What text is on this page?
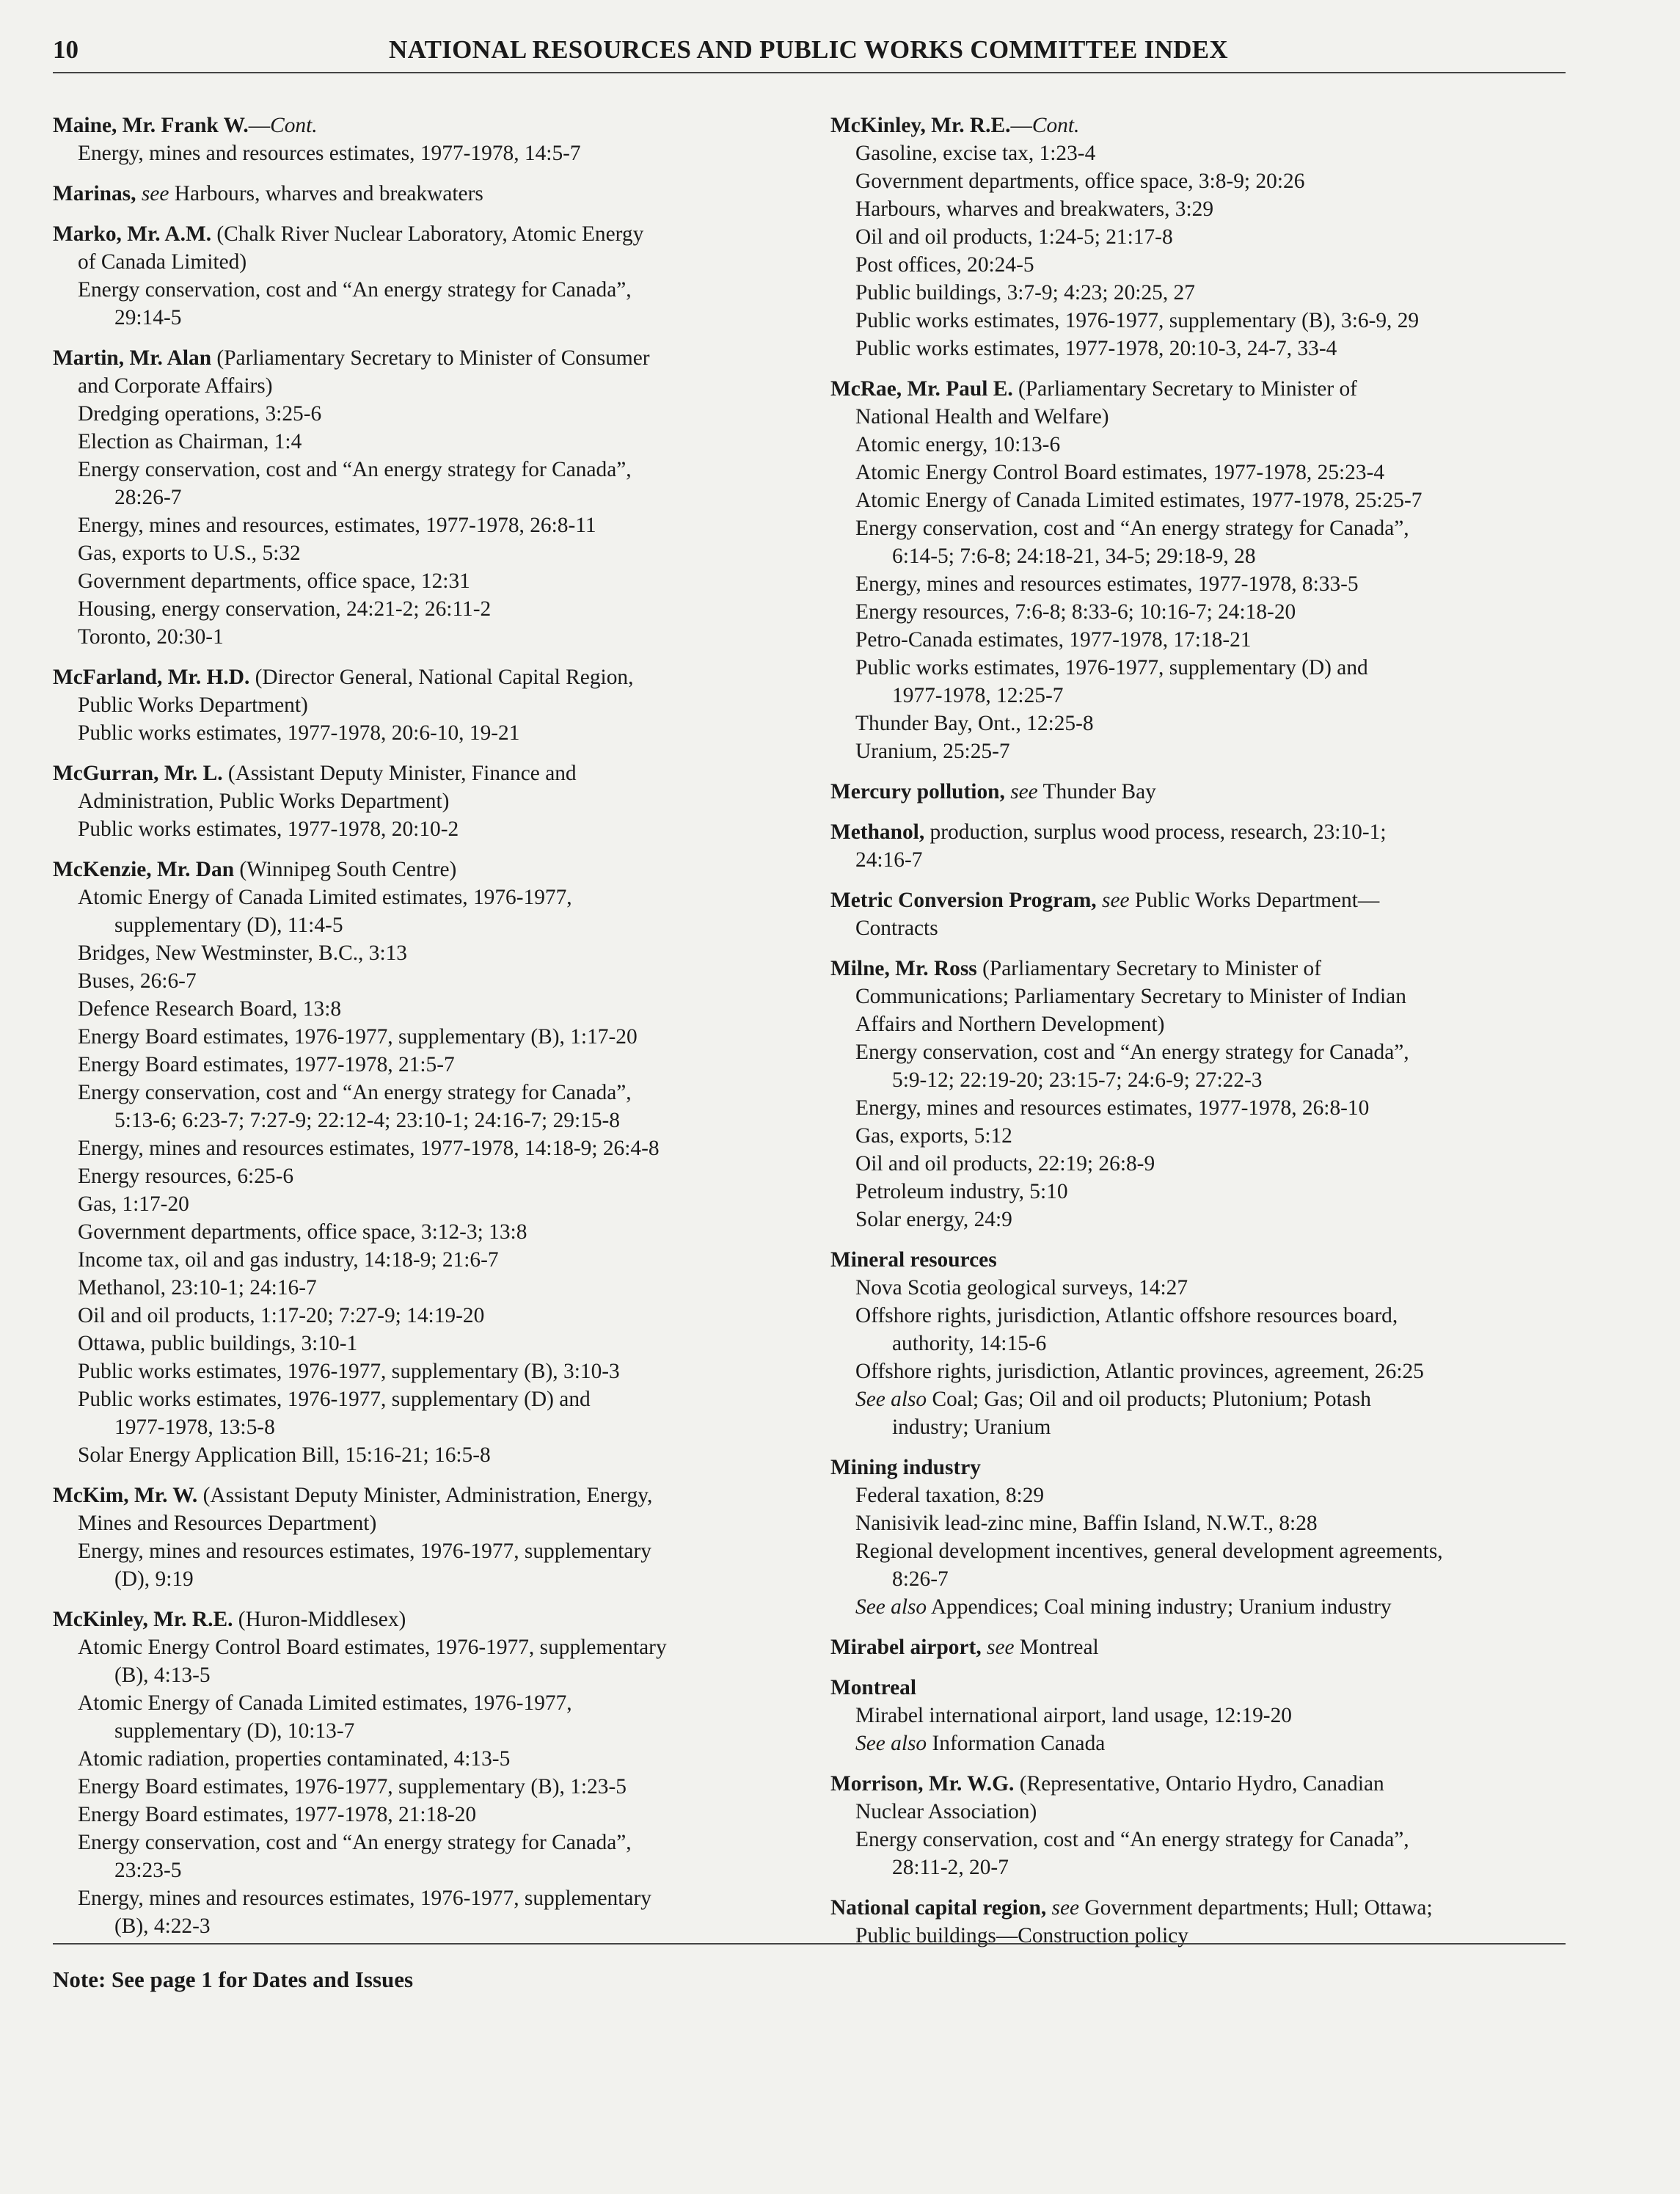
10	NATIONAL RESOURCES AND PUBLIC WORKS COMMITTEE INDEX
Maine, Mr. Frank W.—Cont.
Energy, mines and resources estimates, 1977-1978, 14:5-7
Marinas, see Harbours, wharves and breakwaters
Marko, Mr. A.M. (Chalk River Nuclear Laboratory, Atomic Energy
of Canada Limited)
Energy conservation, cost and “An energy strategy for Canada”,
29:14-5
Martin, Mr. Alan (Parliamentary Secretary to Minister of Consumer
and Corporate Affairs)
Dredging operations, 3:25-6
Election as Chairman, 1:4
Energy conservation, cost and “An energy strategy for Canada”,
28:26-7
Energy, mines and resources, estimates, 1977-1978, 26:8-11
Gas, exports to U.S., 5:32
Government departments, office space, 12:31
Housing, energy conservation, 24:21-2; 26:11-2
Toronto, 20:30-1
McFarland, Mr. H.D. (Director General, National Capital Region,
Public Works Department)
Public works estimates, 1977-1978, 20:6-10, 19-21
McGurran, Mr. L. (Assistant Deputy Minister, Finance and
Administration, Public Works Department)
Public works estimates, 1977-1978, 20:10-2
McKenzie, Mr. Dan (Winnipeg South Centre)
Atomic Energy of Canada Limited estimates, 1976-1977,
supplementary (D), 11:4-5
Bridges, New Westminster, B.C., 3:13
Buses, 26:6-7
Defence Research Board, 13:8
Energy Board estimates, 1976-1977, supplementary (B), 1:17-20
Energy Board estimates, 1977-1978, 21:5-7
Energy conservation, cost and “An energy strategy for Canada”,
5:13-6; 6:23-7; 7:27-9; 22:12-4; 23:10-1; 24:16-7; 29:15-8
Energy, mines and resources estimates, 1977-1978, 14:18-9; 26:4-8
Energy resources, 6:25-6
Gas, 1:17-20
Government departments, office space, 3:12-3; 13:8
Income tax, oil and gas industry, 14:18-9; 21:6-7
Methanol, 23:10-1; 24:16-7
Oil and oil products, 1:17-20; 7:27-9; 14:19-20
Ottawa, public buildings, 3:10-1
Public works estimates, 1976-1977, supplementary (B), 3:10-3
Public works estimates, 1976-1977, supplementary (D) and
1977-1978, 13:5-8
Solar Energy Application Bill, 15:16-21; 16:5-8
McKim, Mr. W. (Assistant Deputy Minister, Administration, Energy,
Mines and Resources Department)
Energy, mines and resources estimates, 1976-1977, supplementary
(D), 9:19
McKinley, Mr. R.E. (Huron-Middlesex)
Atomic Energy Control Board estimates, 1976-1977, supplementary
(B), 4:13-5
Atomic Energy of Canada Limited estimates, 1976-1977,
supplementary (D), 10:13-7
Atomic radiation, properties contaminated, 4:13-5
Energy Board estimates, 1976-1977, supplementary (B), 1:23-5
Energy Board estimates, 1977-1978, 21:18-20
Energy conservation, cost and “An energy strategy for Canada”,
23:23-5
Energy, mines and resources estimates, 1976-1977, supplementary
(B), 4:22-3
McKinley, Mr. R.E.—Cont.
Gasoline, excise tax, 1:23-4
Government departments, office space, 3:8-9; 20:26
Harbours, wharves and breakwaters, 3:29
Oil and oil products, 1:24-5; 21:17-8
Post offices, 20:24-5
Public buildings, 3:7-9; 4:23; 20:25, 27
Public works estimates, 1976-1977, supplementary (B), 3:6-9, 29
Public works estimates, 1977-1978, 20:10-3, 24-7, 33-4
McRae, Mr. Paul E. (Parliamentary Secretary to Minister of
National Health and Welfare)
Atomic energy, 10:13-6
Atomic Energy Control Board estimates, 1977-1978, 25:23-4
Atomic Energy of Canada Limited estimates, 1977-1978, 25:25-7
Energy conservation, cost and “An energy strategy for Canada”,
6:14-5; 7:6-8; 24:18-21, 34-5; 29:18-9, 28
Energy, mines and resources estimates, 1977-1978, 8:33-5
Energy resources, 7:6-8; 8:33-6; 10:16-7; 24:18-20
Petro-Canada estimates, 1977-1978, 17:18-21
Public works estimates, 1976-1977, supplementary (D) and
1977-1978, 12:25-7
Thunder Bay, Ont., 12:25-8
Uranium, 25:25-7
Mercury pollution, see Thunder Bay
Methanol, production, surplus wood process, research, 23:10-1;
24:16-7
Metric Conversion Program, see Public Works Department—
Contracts
Milne, Mr. Ross (Parliamentary Secretary to Minister of
Communications; Parliamentary Secretary to Minister of Indian
Affairs and Northern Development)
Energy conservation, cost and “An energy strategy for Canada”,
5:9-12; 22:19-20; 23:15-7; 24:6-9; 27:22-3
Energy, mines and resources estimates, 1977-1978, 26:8-10
Gas, exports, 5:12
Oil and oil products, 22:19; 26:8-9
Petroleum industry, 5:10
Solar energy, 24:9
Mineral resources
Nova Scotia geological surveys, 14:27
Offshore rights, jurisdiction, Atlantic offshore resources board,
authority, 14:15-6
Offshore rights, jurisdiction, Atlantic provinces, agreement, 26:25
See also Coal; Gas; Oil and oil products; Plutonium; Potash
industry; Uranium
Mining industry
Federal taxation, 8:29
Nanisivik lead-zinc mine, Baffin Island, N.W.T., 8:28
Regional development incentives, general development agreements,
8:26-7
See also Appendices; Coal mining industry; Uranium industry
Mirabel airport, see Montreal
Montreal
Mirabel international airport, land usage, 12:19-20
See also Information Canada
Morrison, Mr. W.G. (Representative, Ontario Hydro, Canadian
Nuclear Association)
Energy conservation, cost and “An energy strategy for Canada”,
28:11-2, 20-7
National capital region, see Government departments; Hull; Ottawa;
Public buildings—Construction policy
Note: See page 1 for Dates and Issues
